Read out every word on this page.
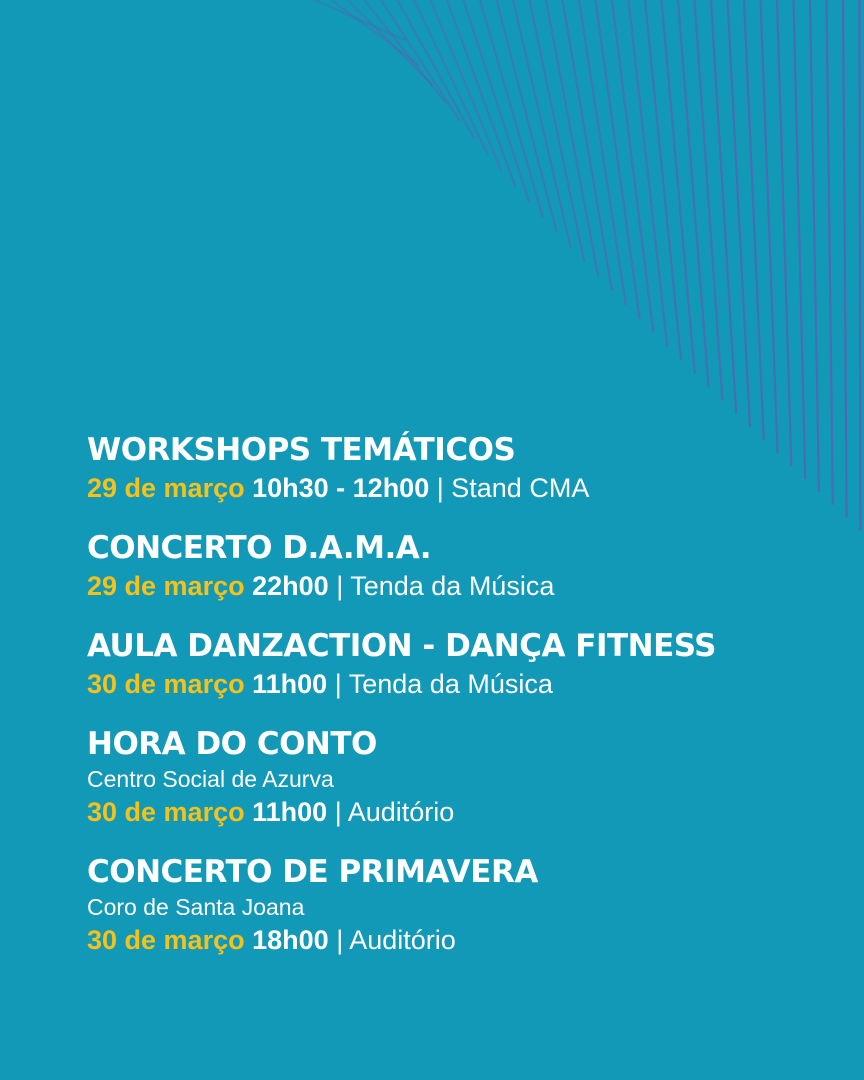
WORKSHOPS TEMÁTICOS
29 de março 10h30 - 12h00 | Stand CMA
CONCERTO D.A.M.A.
29 de março 22h00 | Tenda da Música
AULA DANZACTION - DANÇA FITNESS
30 de março 11h00 | Tenda da Música
HORA DO CONTO
Centro Social de Azurva
30 de março 11h00 | Auditório
CONCERTO DE PRIMAVERA
Coro de Santa Joana
30 de março 18h00 | Auditório
